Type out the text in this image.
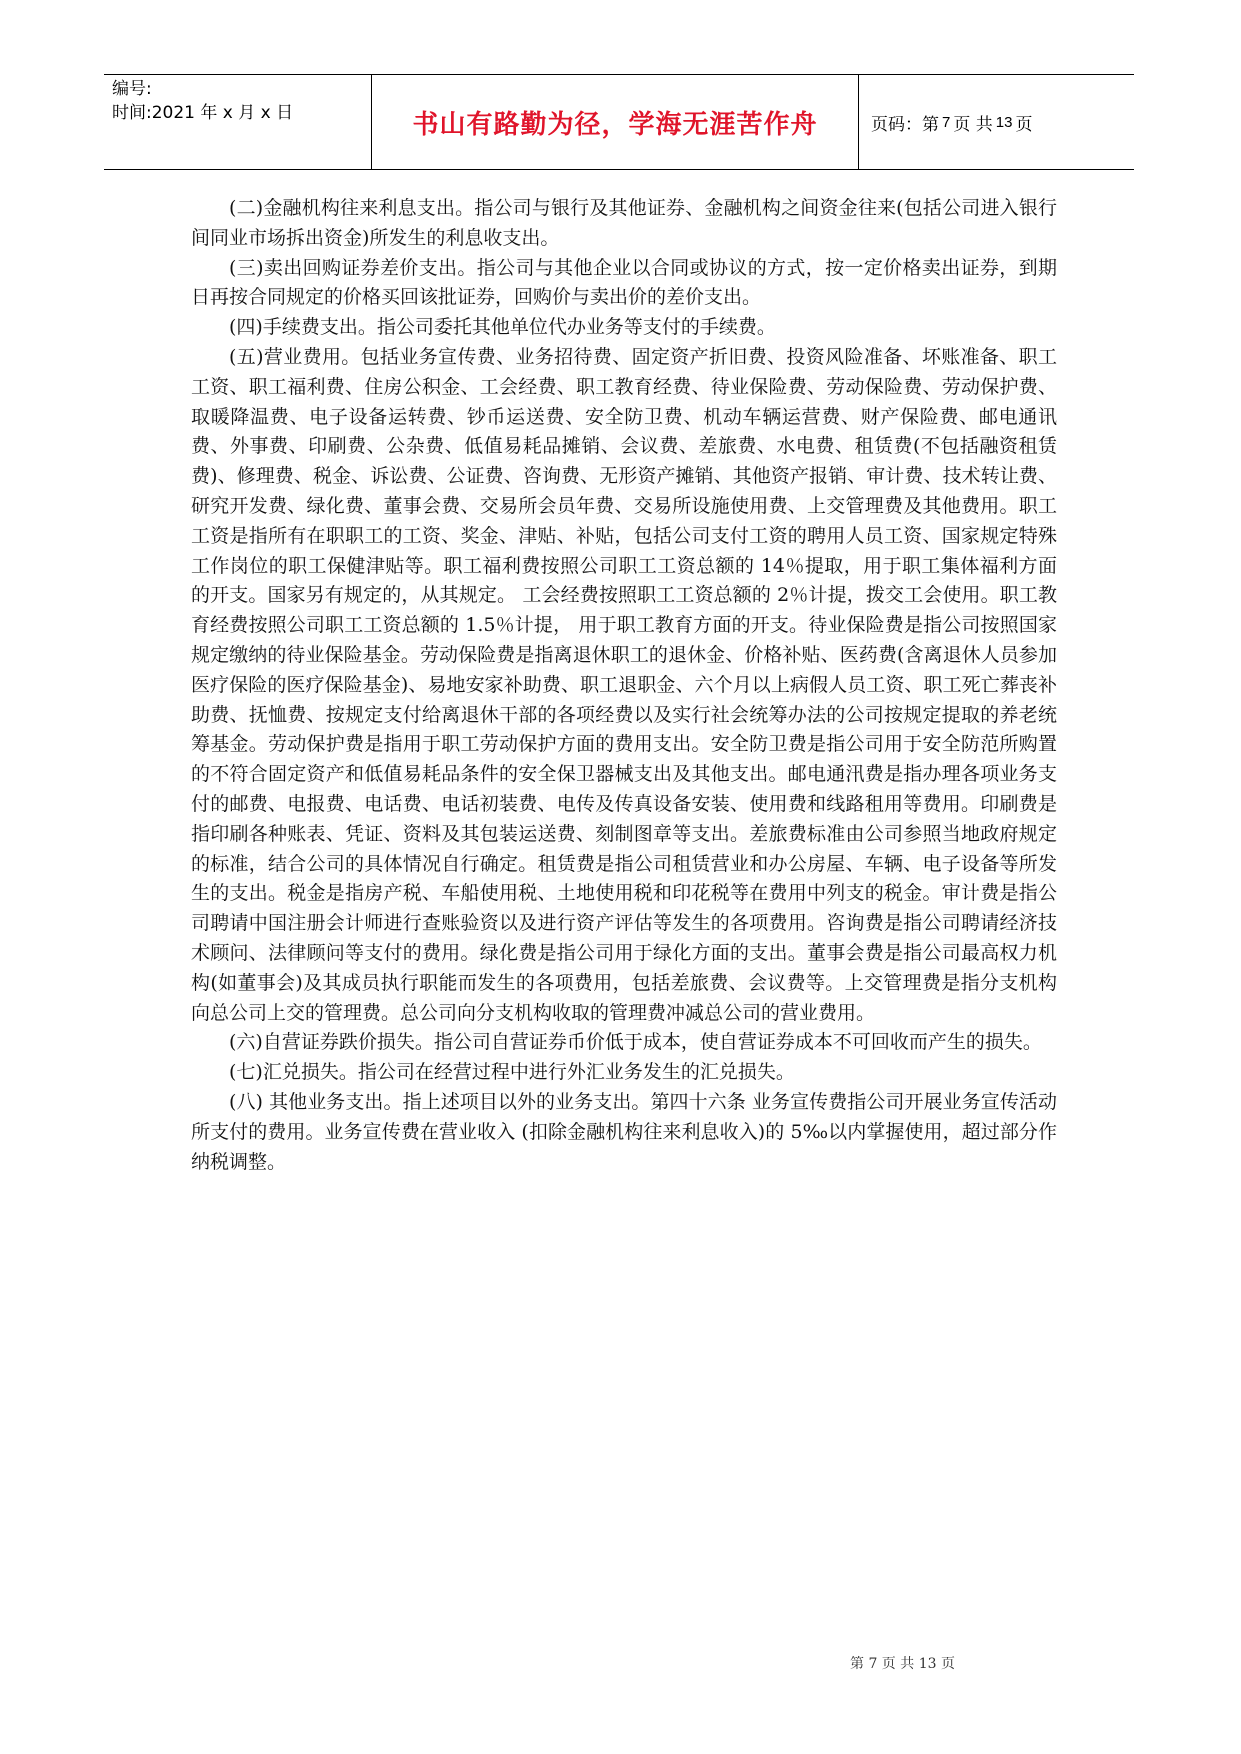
编号:
时间:2021 年 x 月 x 日	书山有路勤为径，学海无涯苦作舟	页码：第 7 页 共 13 页

(二)金融机构往来利息支出。指公司与银行及其他证券、金融机构之间资金往来(包括公司进入银行间同业市场拆出资金)所发生的利息收支出。

(三)卖出回购证券差价支出。指公司与其他企业以合同或协议的方式，按一定价格卖出证券，到期日再按合同规定的价格买回该批证券，回购价与卖出价的差价支出。

(四)手续费支出。指公司委托其他单位代办业务等支付的手续费。

(五)营业费用。包括业务宣传费、业务招待费、固定资产折旧费、投资风险准备、坏账准备、职工工资、职工福利费、住房公积金、工会经费、职工教育经费、待业保险费、劳动保险费、劳动保护费、取暖降温费、电子设备运转费、钞币运送费、安全防卫费、机动车辆运营费、财产保险费、邮电通讯费、外事费、印刷费、公杂费、低值易耗品摊销、会议费、差旅费、水电费、租赁费(不包括融资租赁费)、修理费、税金、诉讼费、公证费、咨询费、无形资产摊销、其他资产报销、审计费、技术转让费、研究开发费、绿化费、董事会费、交易所会员年费、交易所设施使用费、上交管理费及其他费用。职工工资是指所有在职职工的工资、奖金、津贴、补贴，包括公司支付工资的聘用人员工资、国家规定特殊工作岗位的职工保健津贴等。职工福利费按照公司职工工资总额的 14％提取，用于职工集体福利方面的开支。国家另有规定的，从其规定。 工会经费按照职工工资总额的 2％计提，拨交工会使用。职工教育经费按照公司职工工资总额的 1.5％计提， 用于职工教育方面的开支。待业保险费是指公司按照国家规定缴纳的待业保险基金。劳动保险费是指离退休职工的退休金、价格补贴、医药费(含离退休人员参加医疗保险的医疗保险基金)、易地安家补助费、职工退职金、六个月以上病假人员工资、职工死亡葬丧补助费、抚恤费、按规定支付给离退休干部的各项经费以及实行社会统筹办法的公司按规定提取的养老统筹基金。劳动保护费是指用于职工劳动保护方面的费用支出。安全防卫费是指公司用于安全防范所购置的不符合固定资产和低值易耗品条件的安全保卫器械支出及其他支出。邮电通汛费是指办理各项业务支付的邮费、电报费、电话费、电话初装费、电传及传真设备安装、使用费和线路租用等费用。印刷费是指印刷各种账表、凭证、资料及其包装运送费、刻制图章等支出。差旅费标准由公司参照当地政府规定的标准，结合公司的具体情况自行确定。租赁费是指公司租赁营业和办公房屋、车辆、电子设备等所发生的支出。税金是指房产税、车船使用税、土地使用税和印花税等在费用中列支的税金。审计费是指公司聘请中国注册会计师进行查账验资以及进行资产评估等发生的各项费用。咨询费是指公司聘请经济技术顾问、法律顾问等支付的费用。绿化费是指公司用于绿化方面的支出。董事会费是指公司最高权力机构(如董事会)及其成员执行职能而发生的各项费用，包括差旅费、会议费等。上交管理费是指分支机构向总公司上交的管理费。总公司向分支机构收取的管理费冲减总公司的营业费用。

(六)自营证券跌价损失。指公司自营证券币价低于成本，使自营证券成本不可回收而产生的损失。

(七)汇兑损失。指公司在经营过程中进行外汇业务发生的汇兑损失。

(八) 其他业务支出。指上述项目以外的业务支出。第四十六条 业务宣传费指公司开展业务宣传活动所支付的费用。业务宣传费在营业收入 (扣除金融机构往来利息收入)的 5‰以内掌握使用，超过部分作纳税调整。

第 7 页 共 13 页
